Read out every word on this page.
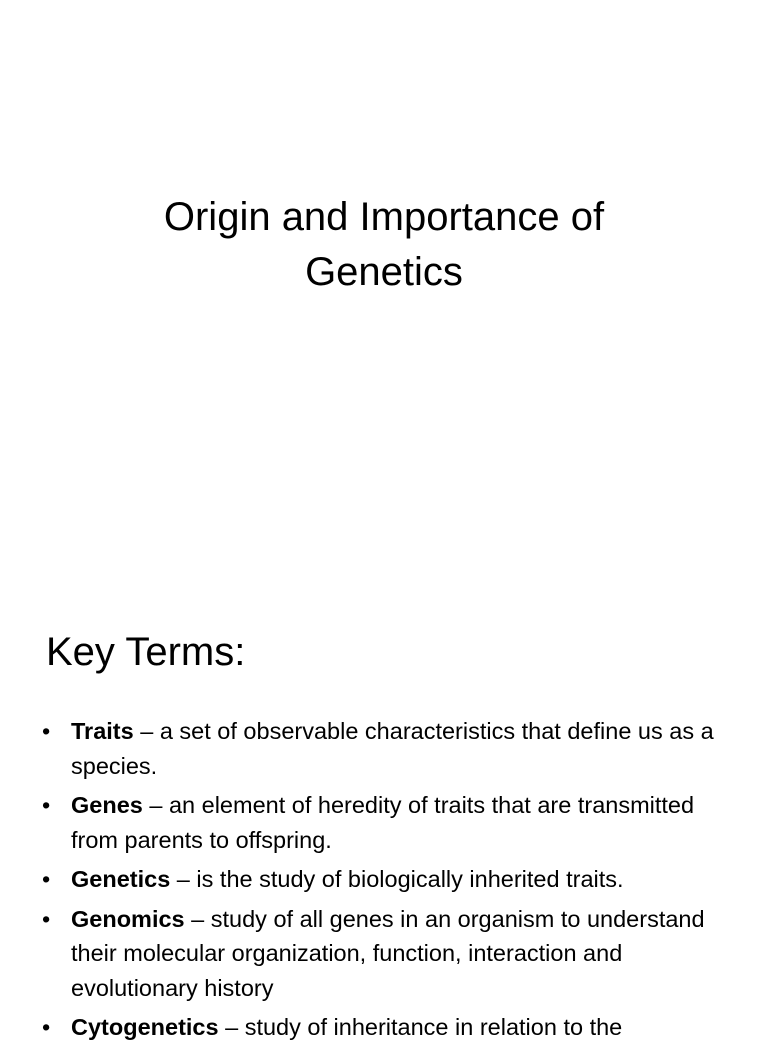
Origin and Importance of
Genetics
Key Terms:
• Traits – a set of observable characteristics that define us as a species.
• Genes – an element of heredity of traits that are transmitted from parents to offspring.
• Genetics – is the study of biologically inherited traits.
• Genomics – study of all genes in an organism to understand their molecular organization, function, interaction and evolutionary history
• Cytogenetics – study of inheritance in relation to the
